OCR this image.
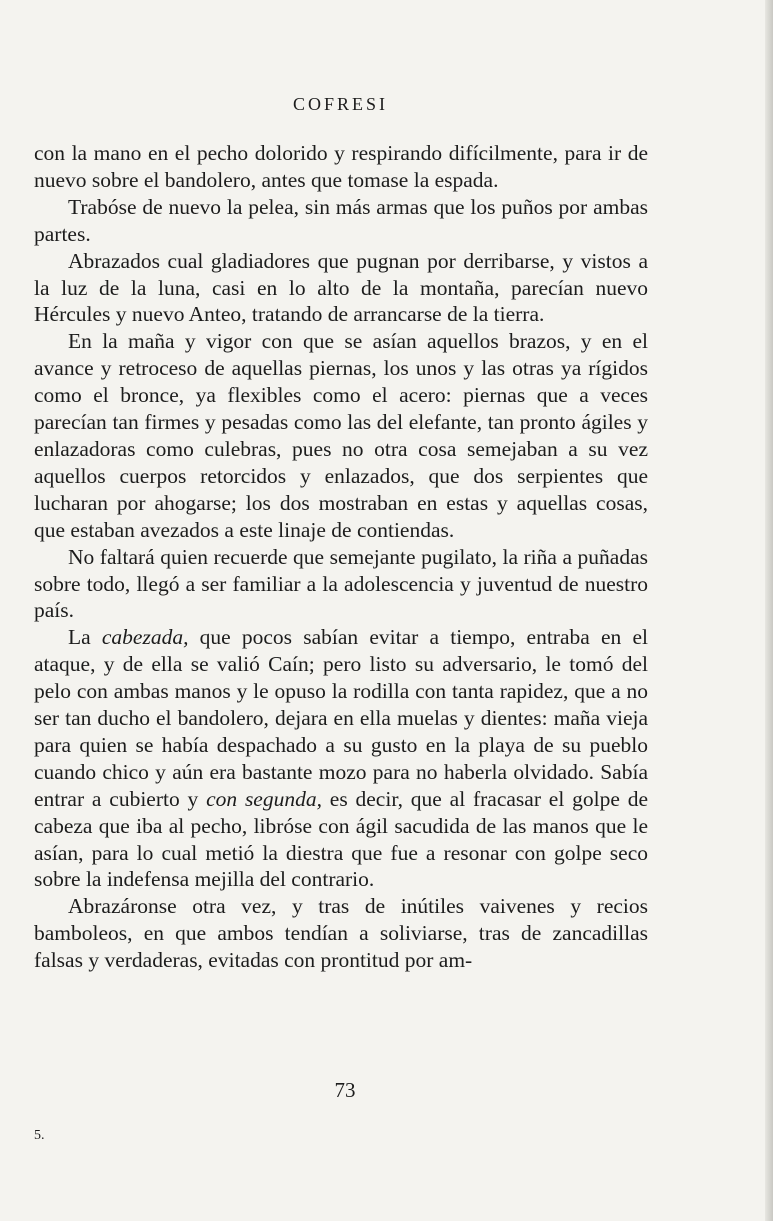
COFRESI

con la mano en el pecho dolorido y respirando difícilmente, para ir de nuevo sobre el bandolero, antes que tomase la espada.

Trabóse de nuevo la pelea, sin más armas que los puños por ambas partes.

Abrazados cual gladiadores que pugnan por derribarse, y vistos a la luz de la luna, casi en lo alto de la montaña, parecían nuevo Hércules y nuevo Anteo, tratando de arrancarse de la tierra.

En la maña y vigor con que se asían aquellos brazos, y en el avance y retroceso de aquellas piernas, los unos y las otras ya rígidos como el bronce, ya flexibles como el acero: piernas que a veces parecían tan firmes y pesadas como las del elefante, tan pronto ágiles y enlazadoras como culebras, pues no otra cosa semejaban a su vez aquellos cuerpos retorcidos y enlazados, que dos serpientes que lucharan por ahogarse; los dos mostraban en estas y aquellas cosas, que estaban avezados a este linaje de contiendas.

No faltará quien recuerde que semejante pugilato, la riña a puñadas sobre todo, llegó a ser familiar a la adolescencia y juventud de nuestro país.

La cabezada, que pocos sabían evitar a tiempo, entraba en el ataque, y de ella se valió Caín; pero listo su adversario, le tomó del pelo con ambas manos y le opuso la rodilla con tanta rapidez, que a no ser tan ducho el bandolero, dejara en ella muelas y dientes: maña vieja para quien se había despachado a su gusto en la playa de su pueblo cuando chico y aún era bastante mozo para no haberla olvidado. Sabía entrar a cubierto y con segunda, es decir, que al fracasar el golpe de cabeza que iba al pecho, libróse con ágil sacudida de las manos que le asían, para lo cual metió la diestra que fue a resonar con golpe seco sobre la indefensa mejilla del contrario.

Abrazáronse otra vez, y tras de inútiles vaivenes y recios bamboleos, en que ambos tendían a soliviarse, tras de zancadillas falsas y verdaderas, evitadas con prontitud por am-

73
5.
